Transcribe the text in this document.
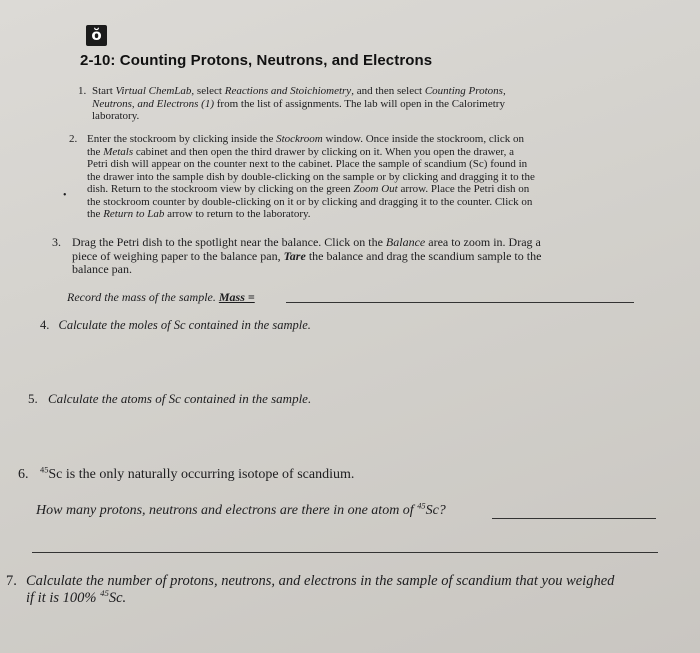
ŏ
2-10: Counting Protons, Neutrons, and Electrons
1. Start Virtual ChemLab, select Reactions and Stoichiometry, and then select Counting Protons,
Neutrons, and Electrons (1) from the list of assignments. The lab will open in the Calorimetry
laboratory.
2. Enter the stockroom by clicking inside the Stockroom window. Once inside the stockroom, click on
the Metals cabinet and then open the third drawer by clicking on it. When you open the drawer, a
Petri dish will appear on the counter next to the cabinet. Place the sample of scandium (Sc) found in
the drawer into the sample dish by double-clicking on the sample or by clicking and dragging it to the
dish. Return to the stockroom view by clicking on the green Zoom Out arrow. Place the Petri dish on
the stockroom counter by double-clicking on it or by clicking and dragging it to the counter. Click on
the Return to Lab arrow to return to the laboratory.
•
3. Drag the Petri dish to the spotlight near the balance. Click on the Balance area to zoom in. Drag a
piece of weighing paper to the balance pan, Tare the balance and drag the scandium sample to the
balance pan.
Record the mass of the sample. Mass =
4. Calculate the moles of Sc contained in the sample.
5. Calculate the atoms of Sc contained in the sample.
6. $^{45}$Sc is the only naturally occurring isotope of scandium.
How many protons, neutrons and electrons are there in one atom of $^{45}$Sc?
7. Calculate the number of protons, neutrons, and electrons in the sample of scandium that you weighed
if it is 100% $^{45}$Sc.
